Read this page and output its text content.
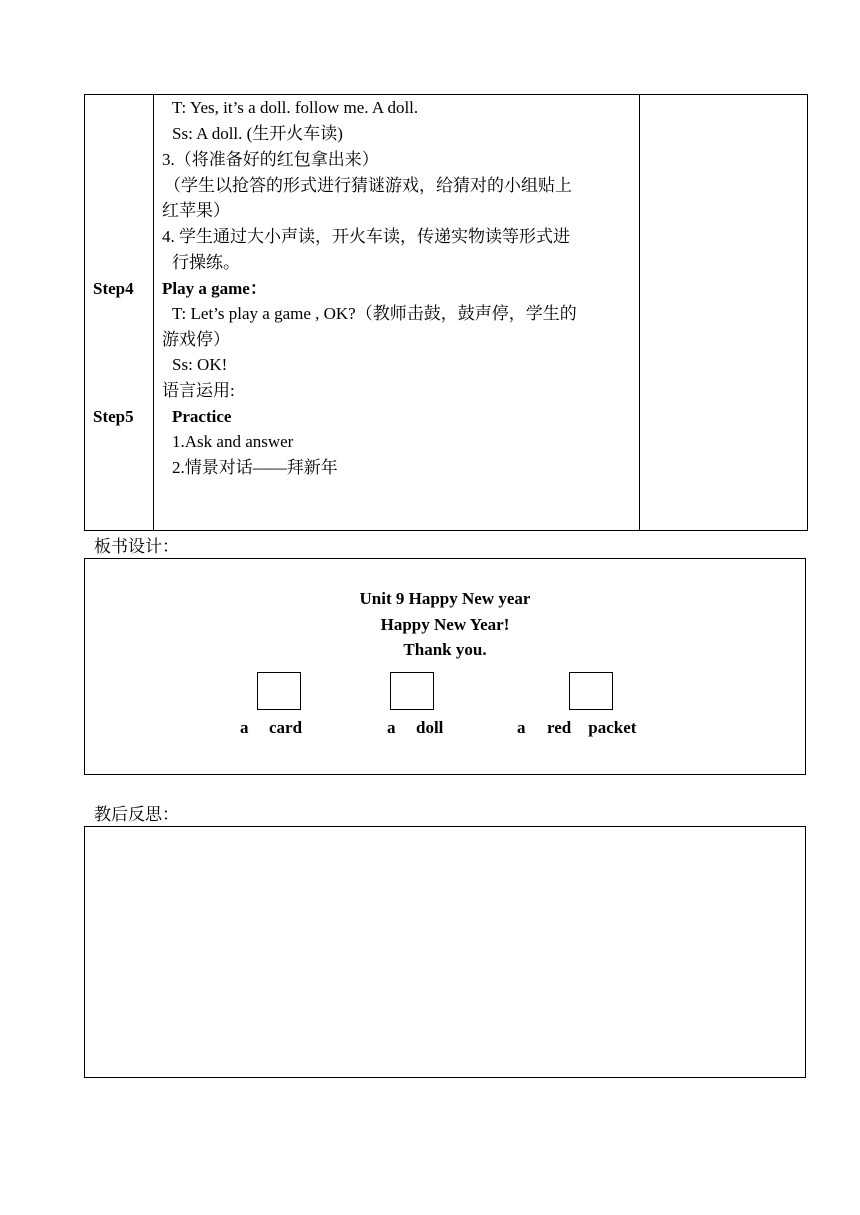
Step4
Step5
T: Yes, it’s a doll. follow me. A doll.
Ss: A doll. (生开火车读)
3.（将准备好的红包拿出来）
（学生以抢答的形式进行猜谜游戏，给猜对的小组贴上
红苹果）
4. 学生通过大小声读，开火车读，传递实物读等形式进
行操练。
Play a game：
T: Let’s play a game , OK?（教师击鼓，鼓声停，学生的
游戏停）
Ss: OK!
语言运用:
Practice
1.Ask and answer
2.情景对话——拜新年
板书设计：
Unit 9 Happy New year
Happy New Year!
Thank you.
a card	a doll	a red    packet
教后反思：
